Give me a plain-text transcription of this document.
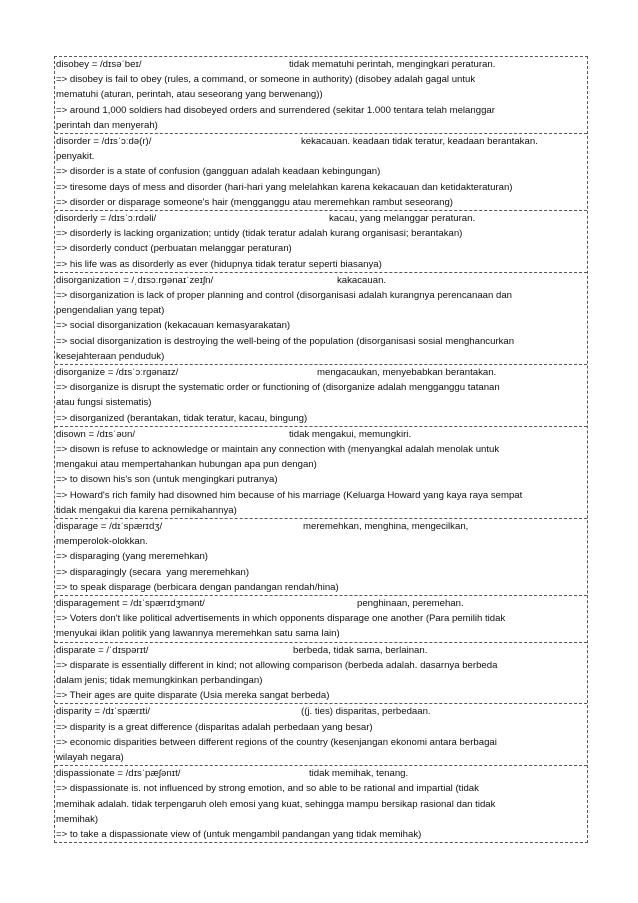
disobey = /dɪsəˈbeɪ/	tidak mematuhi perintah, mengingkari peraturan.
=> disobey is fail to obey (rules, a command, or someone in authority) (disobey adalah gagal untuk
mematuhi (aturan, perintah, atau seseorang yang berwenang))
=> around 1,000 soldiers had disobeyed orders and surrendered (sekitar 1.000 tentara telah melanggar
perintah dan menyerah)
disorder = /dɪsˈɔːdə(r)/	kekacauan. keadaan tidak teratur, keadaan berantakan.
penyakit.
=> disorder is a state of confusion (gangguan adalah keadaan kebingungan)
=> tiresome days of mess and disorder (hari-hari yang melelahkan karena kekacauan dan ketidakteraturan)
=> disorder or disparage someone's hair (mengganggu atau meremehkan rambut seseorang)
disorderly = /dɪsˈɔːrdəli/	kacau, yang melanggar peraturan.
=> disorderly is lacking organization; untidy (tidak teratur adalah kurang organisasi; berantakan)
=> disorderly conduct (perbuatan melanggar peraturan)
=> his life was as disorderly as ever (hidupnya tidak teratur seperti biasanya)
disorganization = /ˌdɪsɔːrɡənaɪˈzeɪʃn/	kakacauan.
=> disorganization is lack of proper planning and control (disorganisasi adalah kurangnya perencanaan dan
pengendalian yang tepat)
=> social disorganization (kekacauan kemasyarakatan)
=> social disorganization is destroying the well-being of the population (disorganisasi sosial menghancurkan
kesejahteraan penduduk)
disorganize = /dɪsˈɔːrɡənaɪz/	mengacaukan, menyebabkan berantakan.
=> disorganize is disrupt the systematic order or functioning of (disorganize adalah mengganggu tatanan
atau fungsi sistematis)
=> disorganized (berantakan, tidak teratur, kacau, bingung)
disown = /dɪsˈəʊn/	tidak mengakui, memungkiri.
=> disown is refuse to acknowledge or maintain any connection with (menyangkal adalah menolak untuk
mengakui atau mempertahankan hubungan apa pun dengan)
=> to disown his's son (untuk mengingkari putranya)
=> Howard's rich family had disowned him because of his marriage (Keluarga Howard yang kaya raya sempat
tidak mengakui dia karena pernikahannya)
disparage = /dɪˈspærɪdʒ/	meremehkan, menghina, mengecilkan,
memperolok-olokkan.
=> disparaging (yang meremehkan)
=> disparagingly (secara  yang meremehkan)
=> to speak disparage (berbicara dengan pandangan rendah/hina)
disparagement = /dɪˈspærɪdʒmənt/	penghinaan, peremehan.
=> Voters don't like political advertisements in which opponents disparage one another (Para pemilih tidak
menyukai iklan politik yang lawannya meremehkan satu sama lain)
disparate = /ˈdɪspərɪt/	berbeda, tidak sama, berlainan.
=> disparate is essentially different in kind; not allowing comparison (berbeda adalah. dasarnya berbeda
dalam jenis; tidak memungkinkan perbandingan)
=> Their ages are quite disparate (Usia mereka sangat berbeda)
disparity = /dɪˈspærɪti/	((j. ties) disparitas, perbedaan.
=> disparity is a great difference (disparitas adalah perbedaan yang besar)
=> economic disparities between different regions of the country (kesenjangan ekonomi antara berbagai
wilayah negara)
dispassionate = /dɪsˈpæʃənɪt/	tidak memihak, tenang.
=> dispassionate is. not influenced by strong emotion, and so able to be rational and impartial (tidak
memihak adalah. tidak terpengaruh oleh emosi yang kuat, sehingga mampu bersikap rasional dan tidak
memihak)
=> to take a dispassionate view of (untuk mengambil pandangan yang tidak memihak)
